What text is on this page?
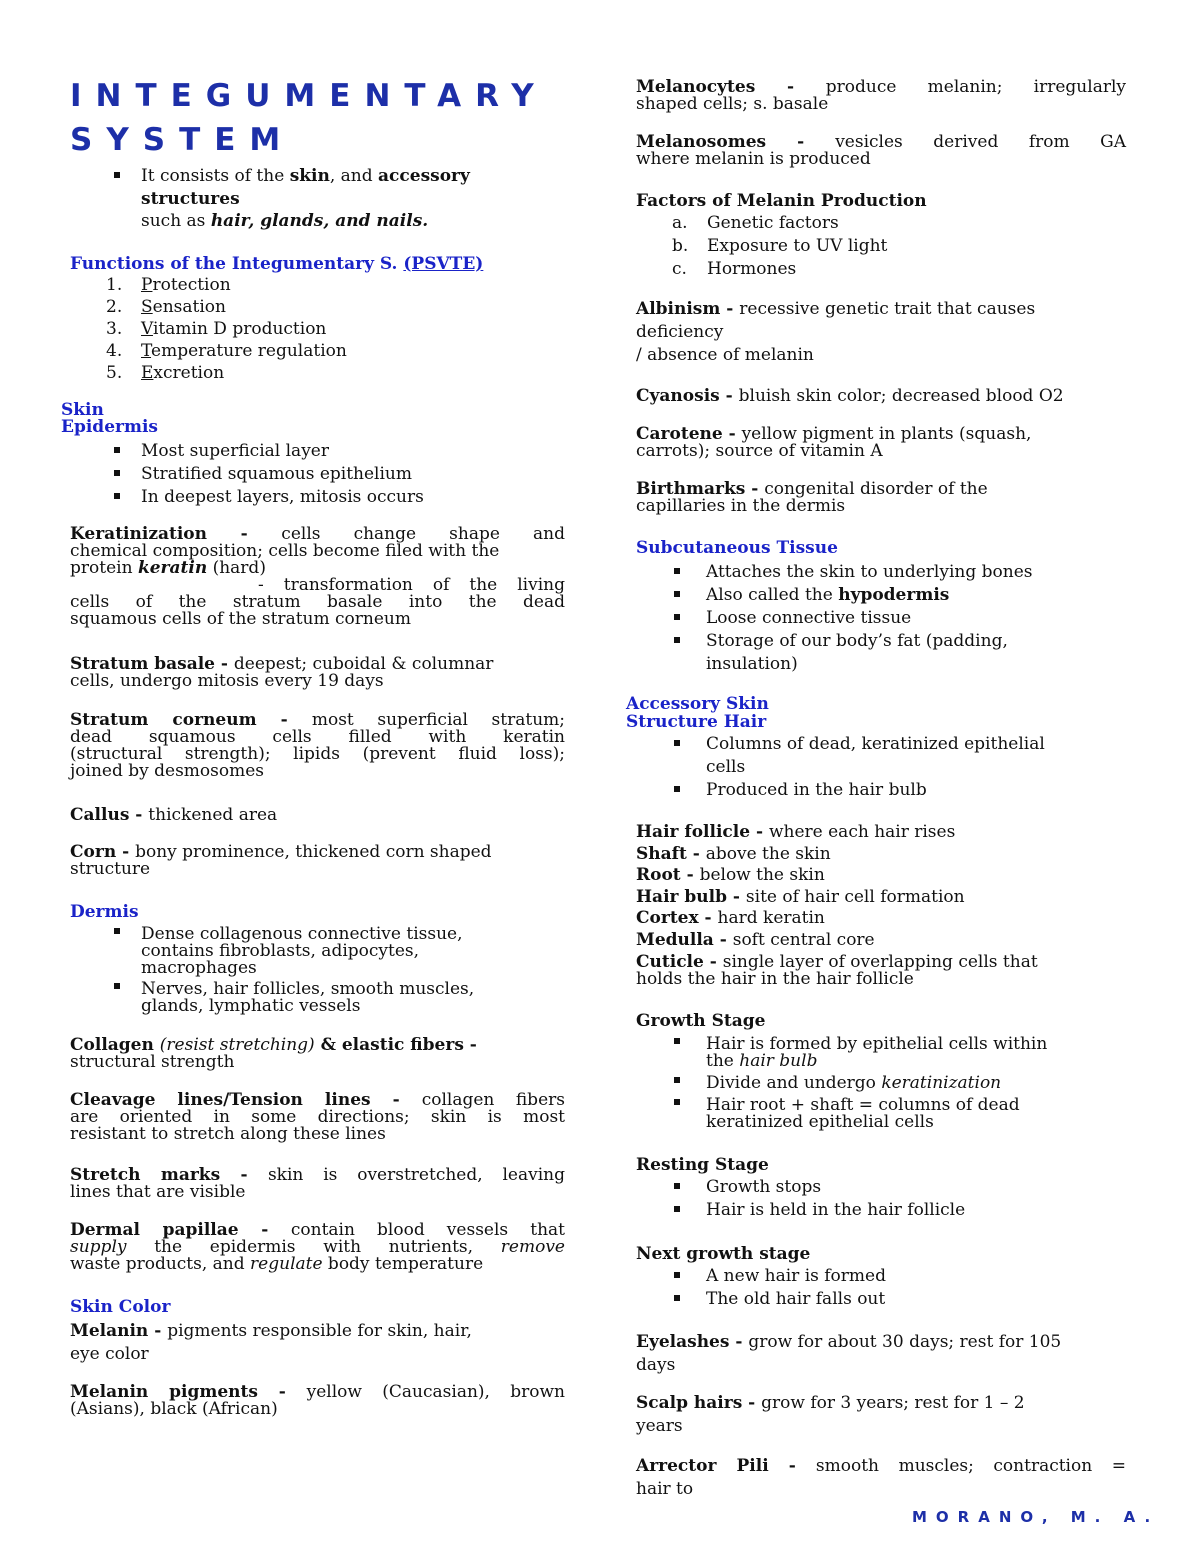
INTEGUMENTARY
SYSTEM
It consists of the skin, and accessory structures

such as hair, glands, and nails.

Functions of the Integumentary S. (PSVTE)

1. Protection
2. Sensation
3. Vitamin D production
4. Temperature regulation
5. Excretion

Skin

Epidermis

Most superficial layer
Stratified squamous epithelium
In deepest layers, mitosis occurs

Keratinization - cells change shape and

chemical composition; cells become filed with the

protein keratin (hard)

- transformation of the living

cells of the stratum basale into the dead

squamous cells of the stratum corneum

Stratum basale - deepest; cuboidal & columnar

cells, undergo mitosis every 19 days

Stratum corneum - most superficial stratum;

dead squamous cells filled with keratin

(structural strength); lipids (prevent fluid loss);

joined by desmosomes

Callus - thickened area

Corn - bony prominence, thickened corn shaped

structure

Dermis

Dense collagenous connective tissue,
contains fibroblasts, adipocytes,
macrophages
Nerves, hair follicles, smooth muscles,
glands, lymphatic vessels

Collagen (resist stretching) & elastic fibers -

structural strength

Cleavage lines/Tension lines - collagen fibers

are oriented in some directions; skin is most

resistant to stretch along these lines

Stretch marks - skin is overstretched, leaving

lines that are visible

Dermal papillae - contain blood vessels that

supply the epidermis with nutrients, remove

waste products, and regulate body temperature

Skin Color

Melanin - pigments responsible for skin, hair,

eye color

Melanin pigments - yellow (Caucasian), brown

(Asians), black (African)

Melanocytes - produce melanin; irregularly

shaped cells; s. basale

Melanosomes - vesicles derived from GA

where melanin is produced

Factors of Melanin Production

a. Genetic factors
b. Exposure to UV light
c. Hormones

Albinism - recessive genetic trait that causes

deficiency

/ absence of melanin

Cyanosis - bluish skin color; decreased blood O2

Carotene - yellow pigment in plants (squash,

carrots); source of vitamin A

Birthmarks - congenital disorder of the

capillaries in the dermis

Subcutaneous Tissue

Attaches the skin to underlying bones
Also called the hypodermis
Loose connective tissue
Storage of our body’s fat (padding,
insulation)

Accessory Skin

Structure Hair

Columns of dead, keratinized epithelial
cells
Produced in the hair bulb

Hair follicle - where each hair rises

Shaft - above the skin

Root - below the skin

Hair bulb - site of hair cell formation

Cortex - hard keratin

Medulla - soft central core

Cuticle - single layer of overlapping cells that

holds the hair in the hair follicle

Growth Stage

Hair is formed by epithelial cells within
the hair bulb
Divide and undergo keratinization
Hair root + shaft = columns of dead
keratinized epithelial cells

Resting Stage

Growth stops
Hair is held in the hair follicle

Next growth stage

A new hair is formed
The old hair falls out

Eyelashes - grow for about 30 days; rest for 105

days

Scalp hairs - grow for 3 years; rest for 1 – 2

years

Arrector Pili - smooth muscles; contraction =

hair to

MORANO, M. A.
